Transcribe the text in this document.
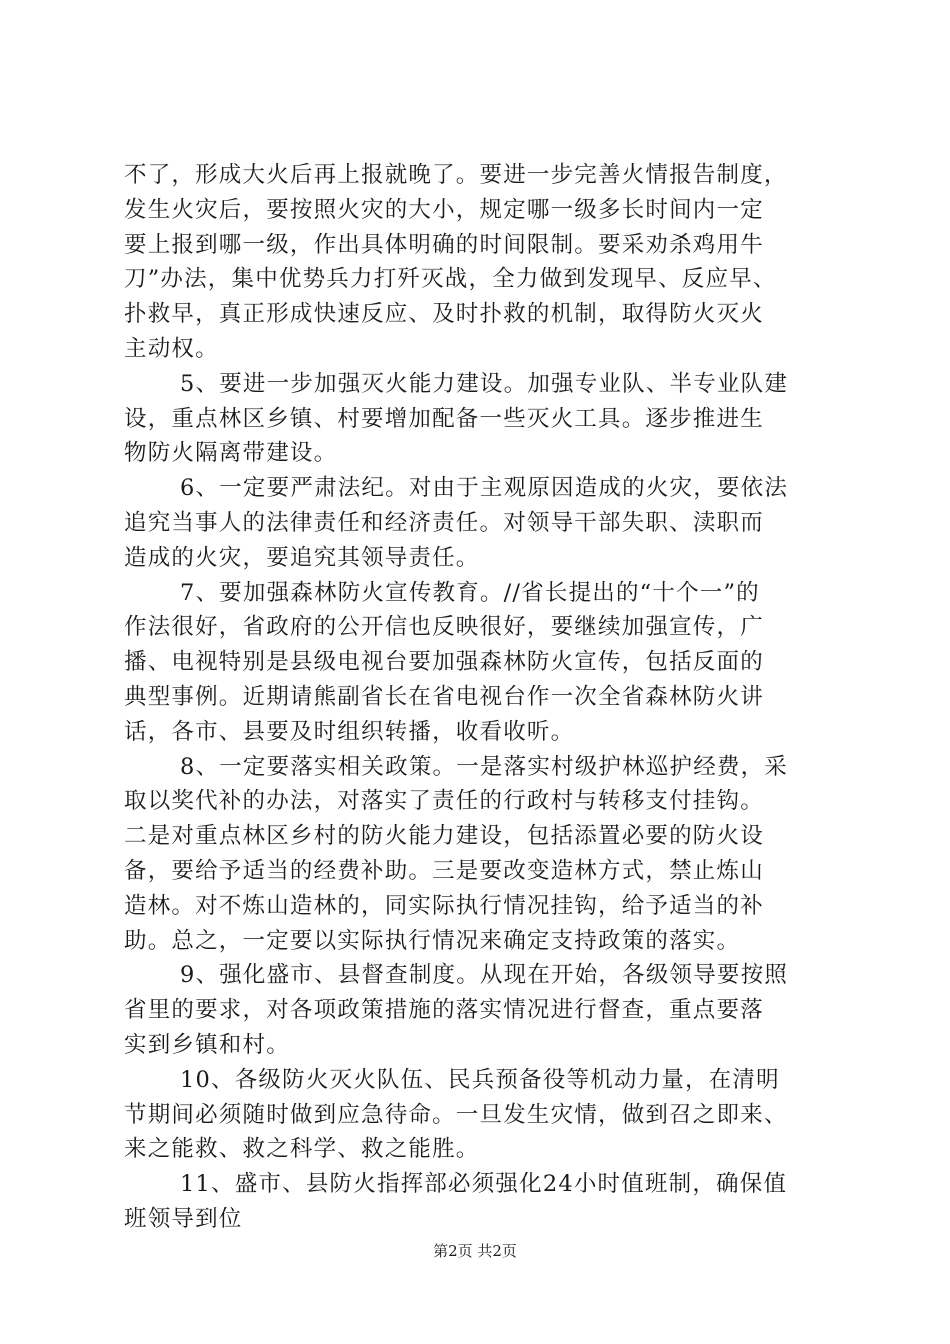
不了，形成大火后再上报就晚了。要进一步完善火情报告制度，
发生火灾后，要按照火灾的大小，规定哪一级多长时间内一定
要上报到哪一级，作出具体明确的时间限制。要采劝杀鸡用牛
刀”办法，集中优势兵力打歼灭战，全力做到发现早、反应早、
扑救早，真正形成快速反应、及时扑救的机制，取得防火灭火
主动权。
5、要进一步加强灭火能力建设。加强专业队、半专业队建
设，重点林区乡镇、村要增加配备一些灭火工具。逐步推进生
物防火隔离带建设。
6、一定要严肃法纪。对由于主观原因造成的火灾，要依法
追究当事人的法律责任和经济责任。对领导干部失职、渎职而
造成的火灾，要追究其领导责任。
7、要加强森林防火宣传教育。//省长提出的“十个一”的
作法很好，省政府的公开信也反映很好，要继续加强宣传，广
播、电视特别是县级电视台要加强森林防火宣传，包括反面的
典型事例。近期请熊副省长在省电视台作一次全省森林防火讲
话，各市、县要及时组织转播，收看收听。
8、一定要落实相关政策。一是落实村级护林巡护经费，采
取以奖代补的办法，对落实了责任的行政村与转移支付挂钩。
二是对重点林区乡村的防火能力建设，包括添置必要的防火设
备，要给予适当的经费补助。三是要改变造林方式，禁止炼山
造林。对不炼山造林的，同实际执行情况挂钩，给予适当的补
助。总之，一定要以实际执行情况来确定支持政策的落实。
9、强化盛市、县督查制度。从现在开始，各级领导要按照
省里的要求，对各项政策措施的落实情况进行督查，重点要落
实到乡镇和村。
10、各级防火灭火队伍、民兵预备役等机动力量，在清明
节期间必须随时做到应急待命。一旦发生灾情，做到召之即来、
来之能救、救之科学、救之能胜。
11、盛市、县防火指挥部必须强化24小时值班制，确保值
班领导到位
第2页 共2页
